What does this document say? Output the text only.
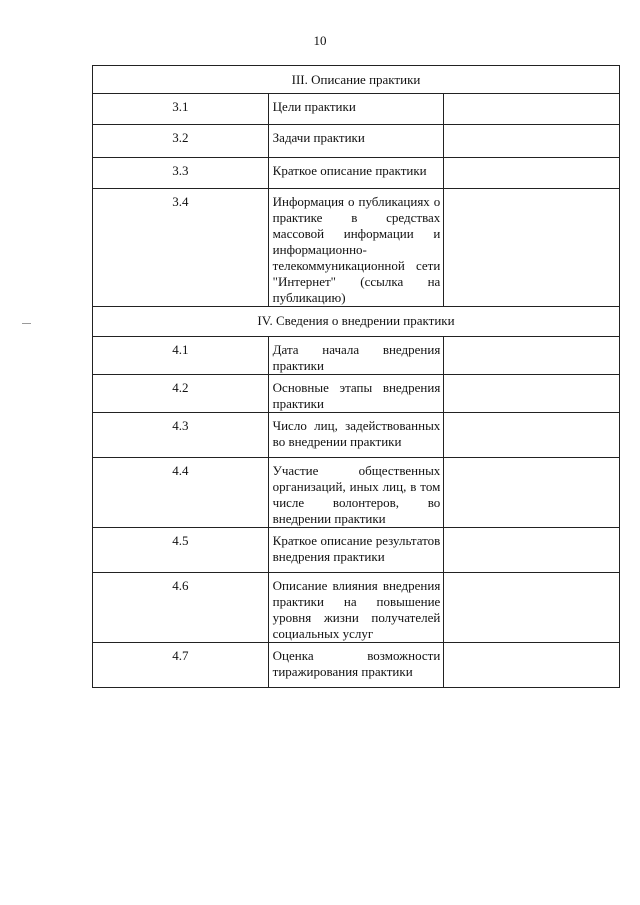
10
III. Описание практики		
3.1	Цели практики	
3.2	Задачи практики	
3.3	Краткое описание практики	
3.4	Информация о публикациях о практике в средствах массовой информации и информационно-телекоммуникационной сети "Интернет" (ссылка на публикацию)	
IV. Сведения о внедрении практики		
4.1	Дата начала внедрения практики	
4.2	Основные этапы внедрения практики	
4.3	Число лиц, задействованных во внедрении практики	
4.4	Участие общественных организаций, иных лиц, в том числе волонтеров, во внедрении практики	
4.5	Краткое описание результатов внедрения практики	
4.6	Описание влияния внедрения практики на повышение уровня жизни получателей социальных услуг	
4.7	Оценка возможности тиражирования практики	
